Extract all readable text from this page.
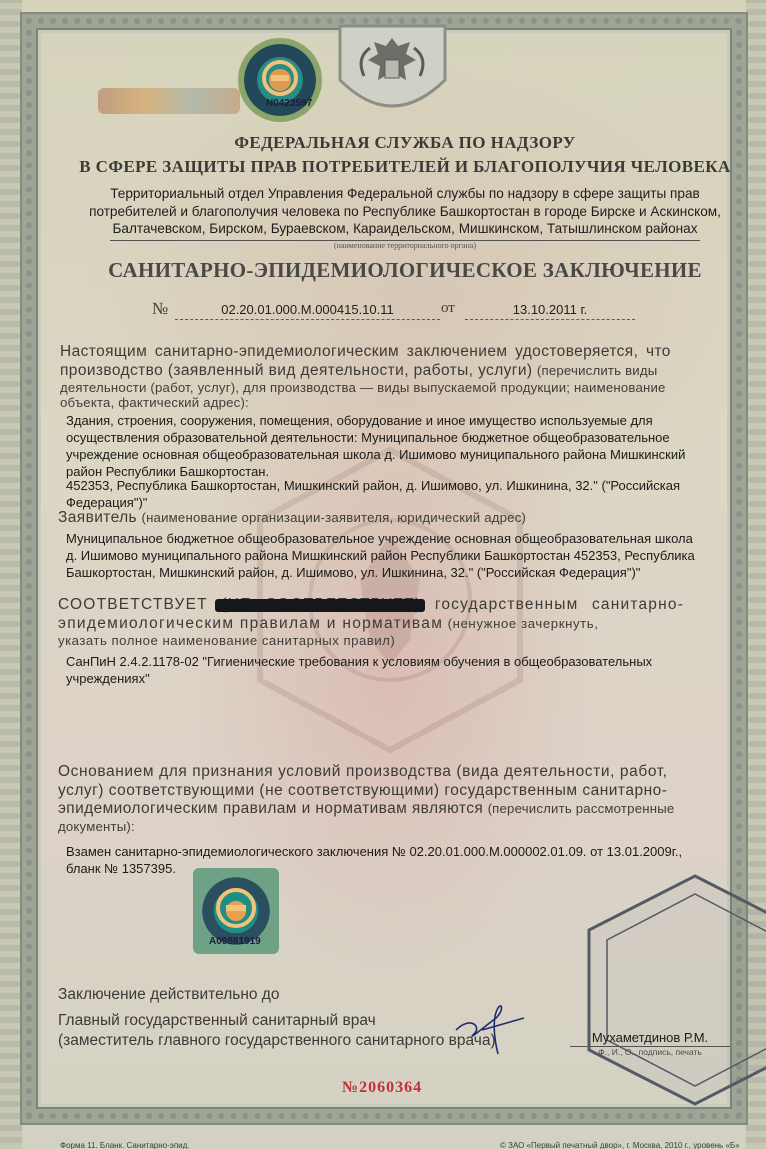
N0423597
ФЕДЕРАЛЬНАЯ СЛУЖБА ПО НАДЗОРУ
В СФЕРЕ ЗАЩИТЫ ПРАВ ПОТРЕБИТЕЛЕЙ И БЛАГОПОЛУЧИЯ ЧЕЛОВЕКА
Территориальный отдел Управления Федеральной службы по надзору в сфере защиты прав
потребителей и благополучия человека по Республике Башкортостан в городе Бирске и Аскинском,
Балтачевском, Бирском, Бураевском, Караидельском, Мишкинском, Татышлинском районах
(наименование территориального органа)
САНИТАРНО-ЭПИДЕМИОЛОГИЧЕСКОЕ ЗАКЛЮЧЕНИЕ
№	02.20.01.000.М.000415.10.11	от	13.10.2011 г.
Настоящим санитарно-эпидемиологическим заключением удостоверяется, что
производство (заявленный вид деятельности, работы, услуги) (перечислить виды
деятельности (работ, услуг), для производства — виды выпускаемой продукции; наименование
объекта, фактический адрес):
Здания, строения, сооружения, помещения, оборудование и иное имущество используемые для
осуществления образовательной деятельности: Муниципальное бюджетное общеобразовательное
учреждение основная общеобразовательная школа д. Ишимово муниципального района Мишкинский
район Республики Башкортостан.
452353, Республика Башкортостан, Мишкинский район, д. Ишимово, ул. Ишкинина, 32." ("Российская
Федерация")"
Заявитель (наименование организации-заявителя, юридический адрес)
Муниципальное бюджетное общеобразовательное учреждение основная общеобразовательная школа
д. Ишимово муниципального района Мишкинский район Республики Башкортостан 452353, Республика
Башкортостан, Мишкинский район, д. Ишимово, ул. Ишкинина, 32." ("Российская Федерация")"
СООТВЕТСТВУЕТ	государственным санитарно-
эпидемиологическим правилам и нормативам (ненужное зачеркнуть,
указать полное наименование санитарных правил)
СанПиН 2.4.2.1178-02 "Гигиенические требования к условиям обучения в общеобразовательных
учреждениях"
Основанием для признания условий производства (вида деятельности, работ,
услуг) соответствующими (не соответствующими) государственным санитарно-
эпидемиологическим правилам и нормативам являются (перечислить рассмотренные
документы):
Взамен санитарно-эпидемиологического заключения № 02.20.01.000.М.000002.01.09. от 13.01.2009г.,
бланк № 1357395.
A09881919
Заключение действительно до
Главный государственный санитарный врач
(заместитель главного государственного санитарного врача)	Мухаметдинов Р.М.
Ф., И., О., подпись, печать
№2060364
Форма 11. Бланк. Санитарно-эпид.	© ЗАО «Первый печатный двор», г. Москва, 2010 г., уровень «Б»
